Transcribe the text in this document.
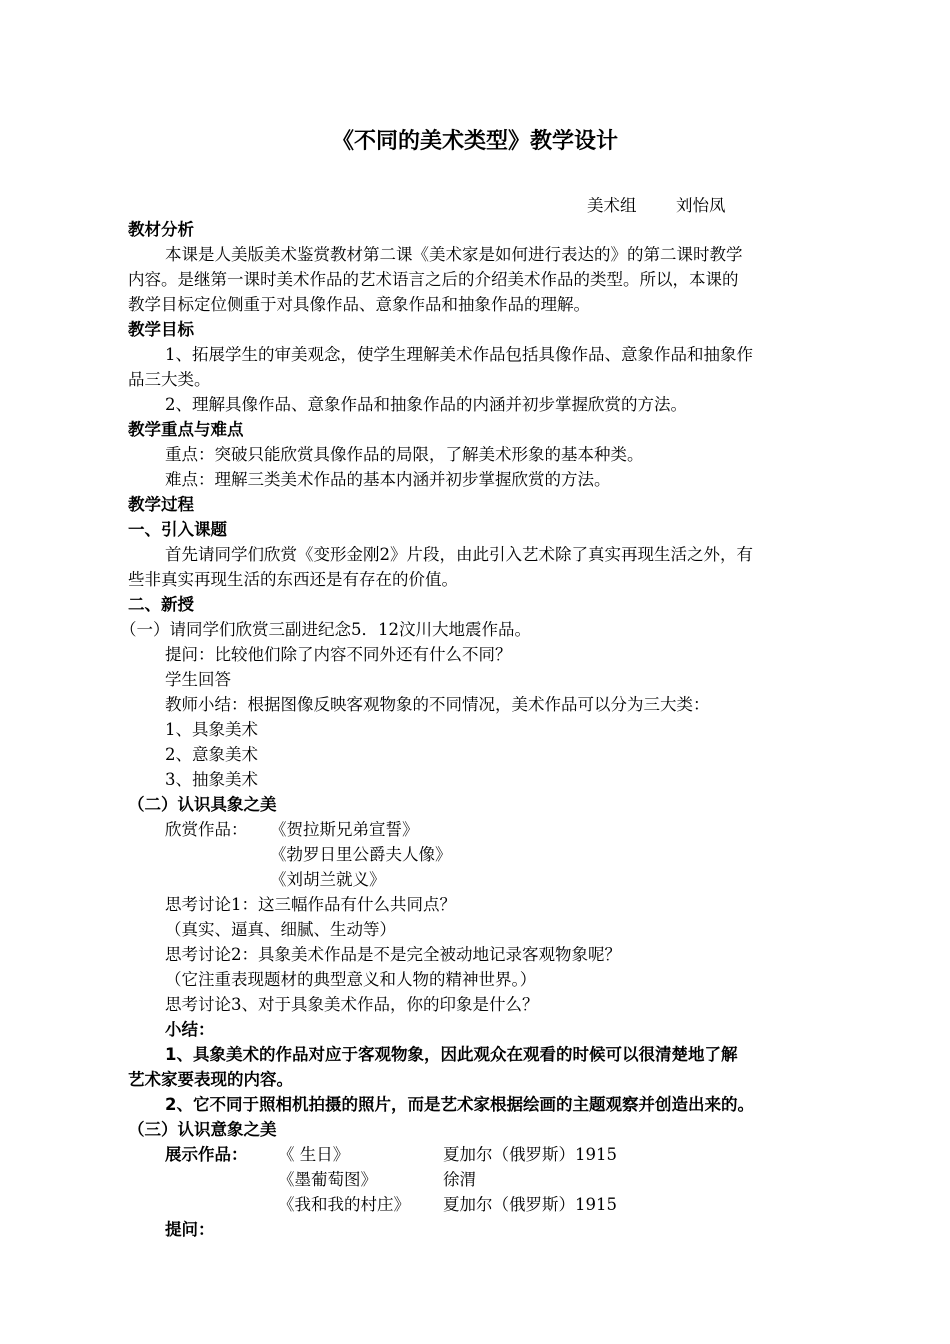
《不同的美术类型》教学设计
美术组 刘怡凤
教材分析
本课是人美版美术鉴赏教材第二课《美术家是如何进行表达的》的第二课时教学
内容。是继第一课时美术作品的艺术语言之后的介绍美术作品的类型。所以，本课的
教学目标定位侧重于对具像作品、意象作品和抽象作品的理解。
教学目标
1、拓展学生的审美观念，使学生理解美术作品包括具像作品、意象作品和抽象作
品三大类。
2、理解具像作品、意象作品和抽象作品的内涵并初步掌握欣赏的方法。
教学重点与难点
重点：突破只能欣赏具像作品的局限，了解美术形象的基本种类。
难点：理解三类美术作品的基本内涵并初步掌握欣赏的方法。
教学过程
一、引入课题
首先请同学们欣赏《变形金刚2》片段，由此引入艺术除了真实再现生活之外，有
些非真实再现生活的东西还是有存在的价值。
二、新授
（一）请同学们欣赏三副进纪念5．12汶川大地震作品。
提问：比较他们除了内容不同外还有什么不同？
学生回答
教师小结：根据图像反映客观物象的不同情况，美术作品可以分为三大类：
1、具象美术
2、意象美术
3、抽象美术
（二）认识具象之美
欣赏作品： 《贺拉斯兄弟宣誓》
《勃罗日里公爵夫人像》
《刘胡兰就义》
思考讨论1：这三幅作品有什么共同点？
（真实、逼真、细腻、生动等）
思考讨论2：具象美术作品是不是完全被动地记录客观物象呢？
（它注重表现题材的典型意义和人物的精神世界。）
思考讨论3、对于具象美术作品，你的印象是什么？
小结：
1、具象美术的作品对应于客观物象，因此观众在观看的时候可以很清楚地了解
艺术家要表现的内容。
2、它不同于照相机拍摄的照片，而是艺术家根据绘画的主题观察并创造出来的。
（三）认识意象之美
展示作品： 《 生日》	夏加尔（俄罗斯）1915
《墨葡萄图》	徐渭
《我和我的村庄》 夏加尔（俄罗斯）1915
提问：
